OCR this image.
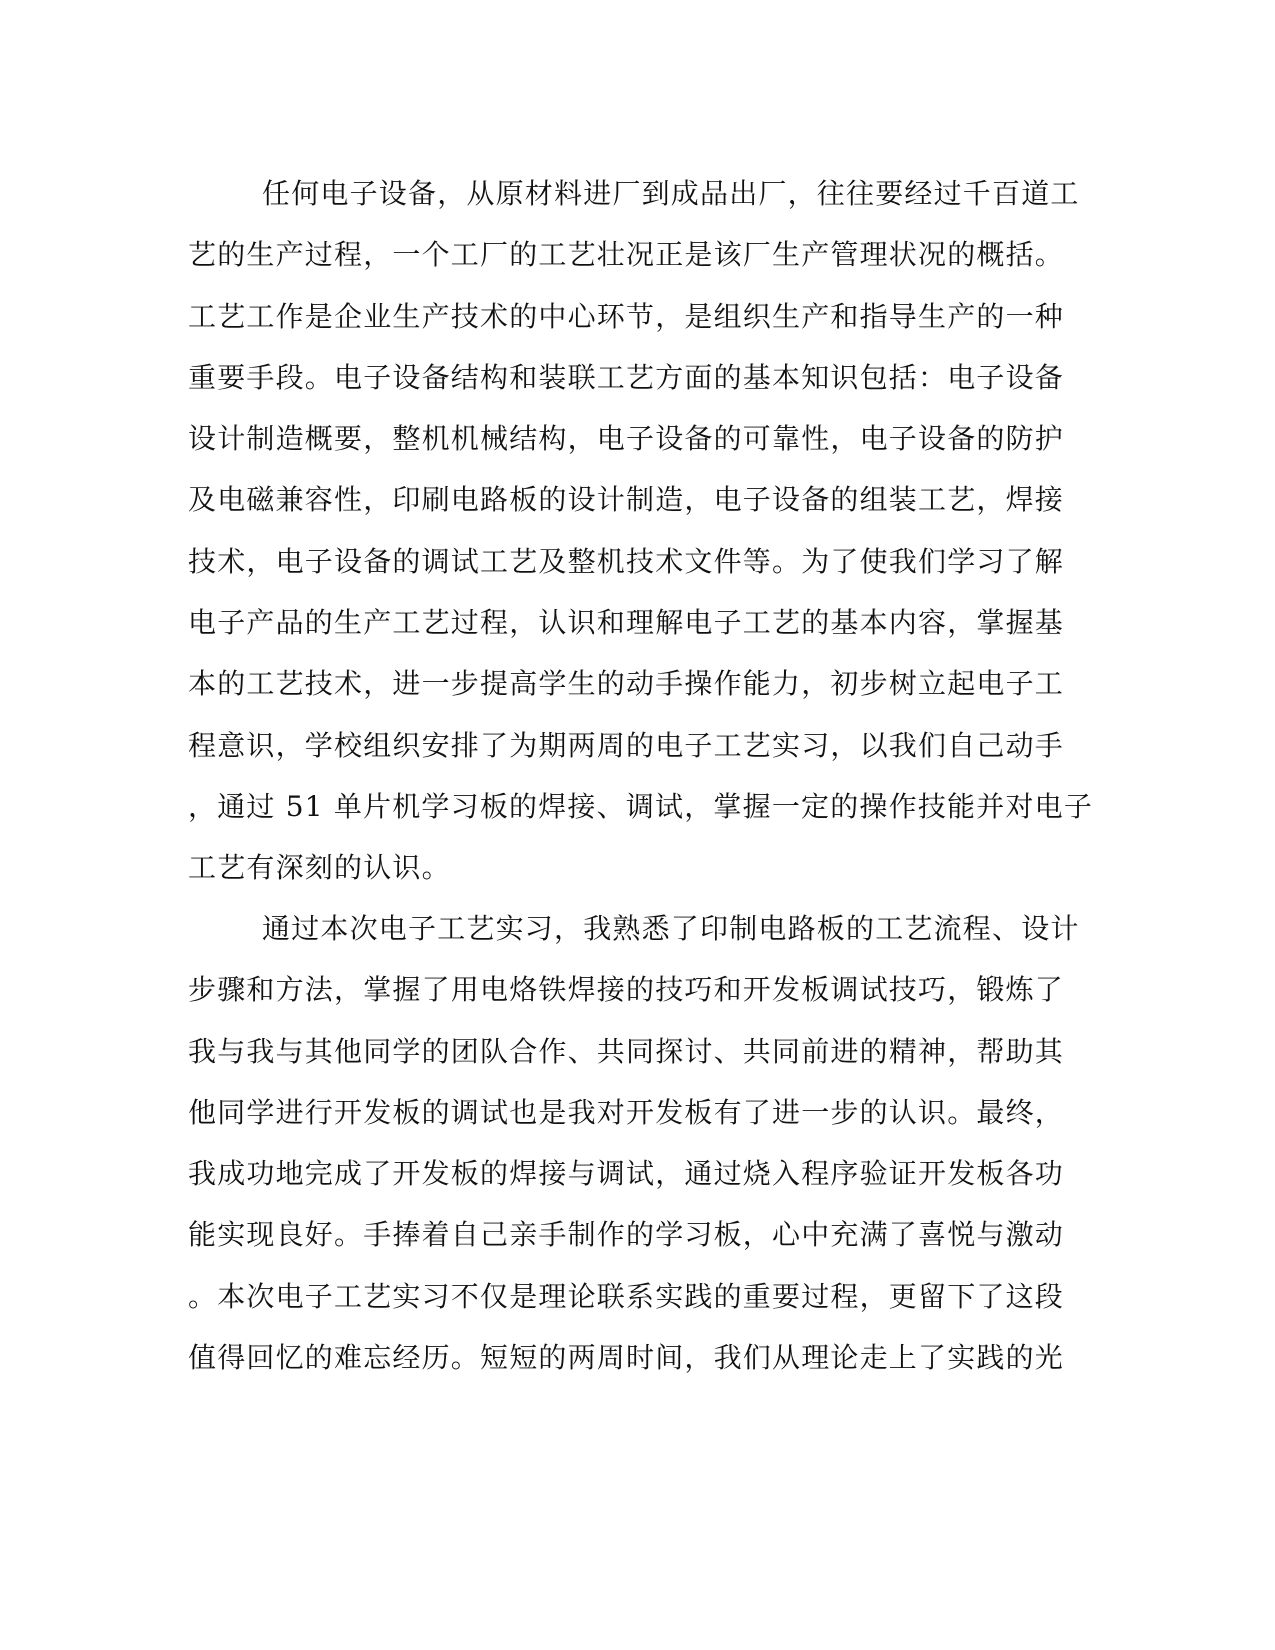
任何电子设备，从原材料进厂到成品出厂，往往要经过千百道工
艺的生产过程，一个工厂的工艺壮况正是该厂生产管理状况的概括。
工艺工作是企业生产技术的中心环节，是组织生产和指导生产的一种
重要手段。电子设备结构和装联工艺方面的基本知识包括：电子设备
设计制造概要，整机机械结构，电子设备的可靠性，电子设备的防护
及电磁兼容性，印刷电路板的设计制造，电子设备的组装工艺，焊接
技术，电子设备的调试工艺及整机技术文件等。为了使我们学习了解
电子产品的生产工艺过程，认识和理解电子工艺的基本内容，掌握基
本的工艺技术，进一步提高学生的动手操作能力，初步树立起电子工
程意识，学校组织安排了为期两周的电子工艺实习，以我们自己动手
，通过 51 单片机学习板的焊接、调试，掌握一定的操作技能并对电子
工艺有深刻的认识。
通过本次电子工艺实习，我熟悉了印制电路板的工艺流程、设计
步骤和方法，掌握了用电烙铁焊接的技巧和开发板调试技巧，锻炼了
我与我与其他同学的团队合作、共同探讨、共同前进的精神，帮助其
他同学进行开发板的调试也是我对开发板有了进一步的认识。最终，
我成功地完成了开发板的焊接与调试，通过烧入程序验证开发板各功
能实现良好。手捧着自己亲手制作的学习板，心中充满了喜悦与激动
。本次电子工艺实习不仅是理论联系实践的重要过程，更留下了这段
值得回忆的难忘经历。短短的两周时间，我们从理论走上了实践的光
